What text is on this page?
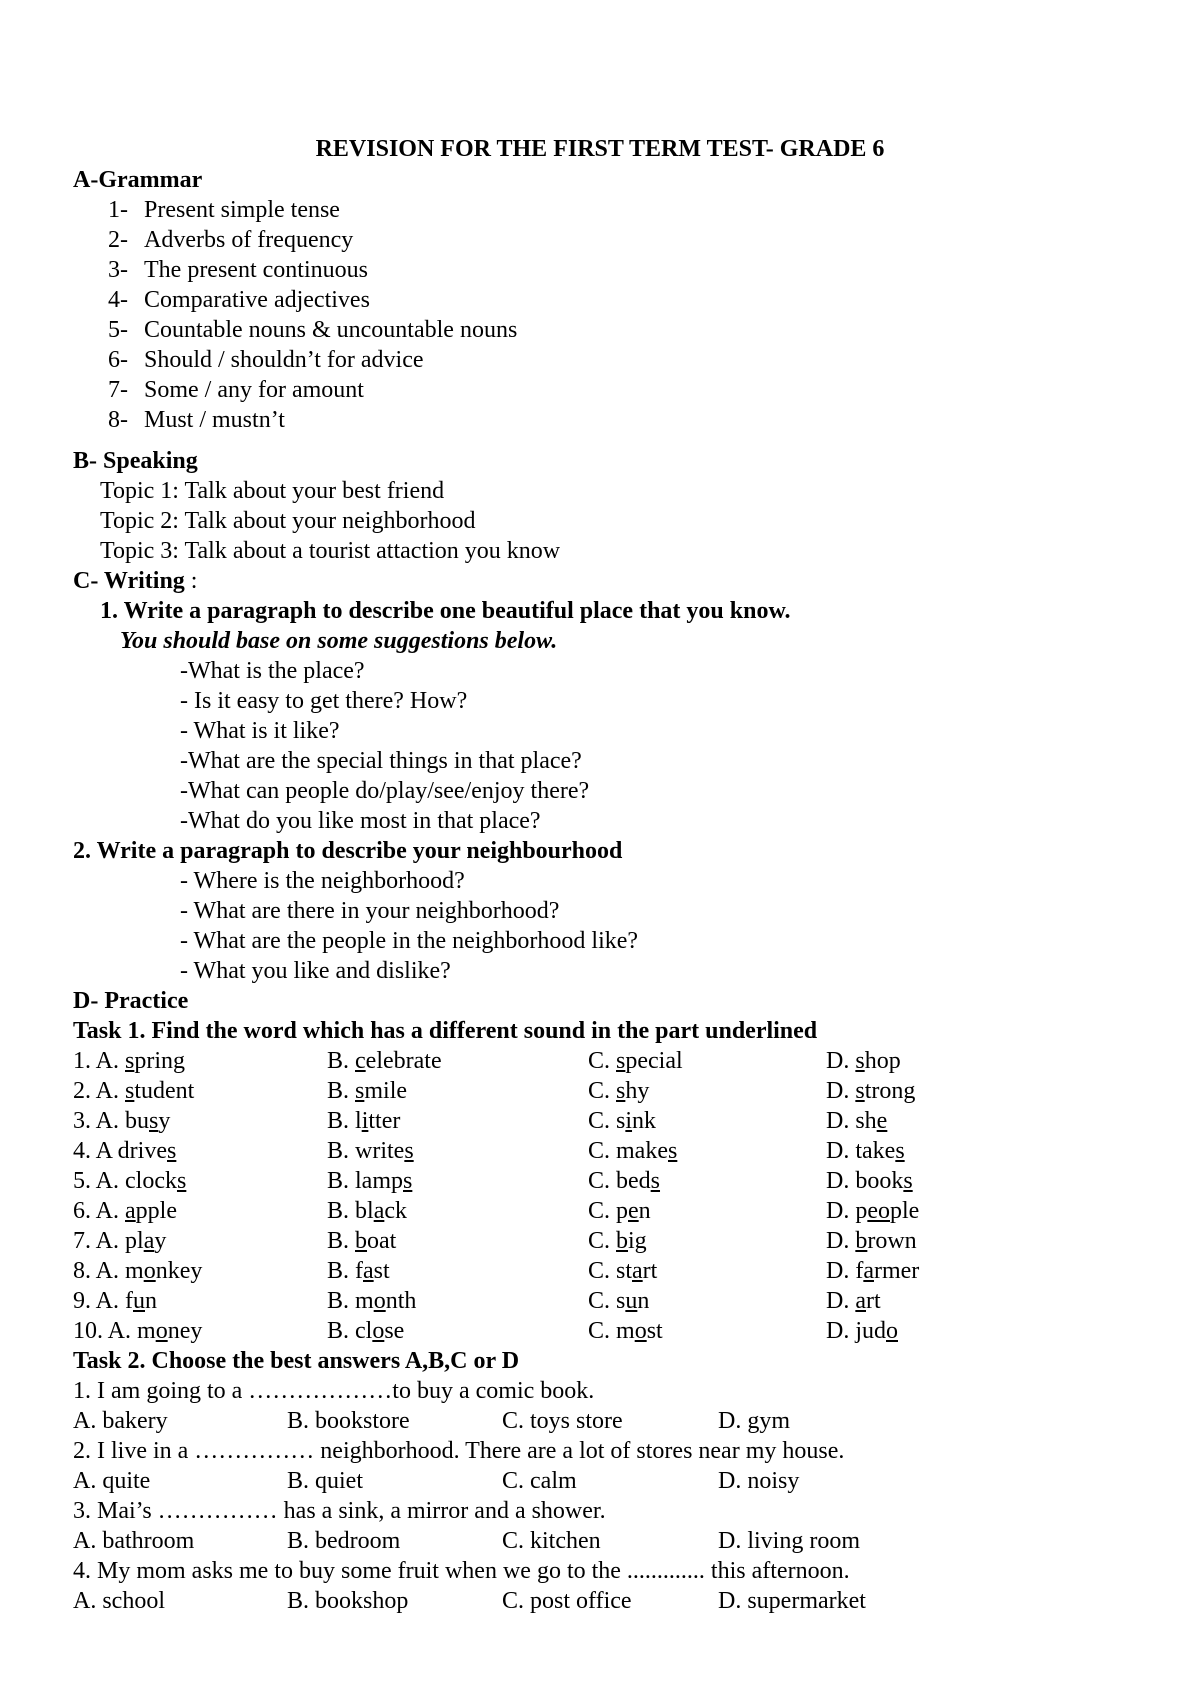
REVISION FOR THE FIRST TERM TEST- GRADE 6
A-Grammar
1- Present simple tense
2- Adverbs of frequency
3- The present continuous
4- Comparative adjectives
5- Countable nouns & uncountable nouns
6- Should / shouldn’t for advice
7- Some / any for amount
8- Must / mustn’t
B- Speaking
Topic 1: Talk about your best friend
Topic 2: Talk about your neighborhood
Topic 3: Talk about a tourist attaction you know
C- Writing :
1. Write a paragraph to describe one beautiful place that you know.
You should base on some suggestions below.
-What is the place?
- Is it easy to get there? How?
- What is it like?
-What are the special things in that place?
-What can people do/play/see/enjoy there?
-What do you like most in that place?
2. Write a paragraph to describe your neighbourhood
- Where is the neighborhood?
- What are there in your neighborhood?
- What are the people in the neighborhood like?
- What you like and dislike?
D- Practice
Task 1. Find the word which has a different sound in the part underlined
1. A. spring	B. celebrate	C. special	D. shop
2. A. student	B. smile	C. shy	D. strong
3. A. busy	B. litter	C. sink	D. she
4. A drives	B. writes	C. makes	D. takes
5. A. clocks	B. lamps	C. beds	D. books
6. A. apple	B. black	C. pen	D. people
7. A. play	B. boat	C. big	D. brown
8. A. monkey	B. fast	C. start	D. farmer
9. A. fun	B. month	C. sun	D. art
10. A. money	B. close	C. most	D. judo
Task 2. Choose the best answers A,B,C or D
1. I am going to a ………………to buy a comic book.
A. bakery	B. bookstore	C. toys store	D. gym
2. I live in a …………… neighborhood. There are a lot of stores near my house.
A. quite	B. quiet	C. calm	D. noisy
3. Mai’s …………… has a sink, a mirror and a shower.
A. bathroom	B. bedroom	C. kitchen	D. living room
4. My mom asks me to buy some fruit when we go to the ............. this afternoon.
A. school	B. bookshop	C. post office	D. supermarket
